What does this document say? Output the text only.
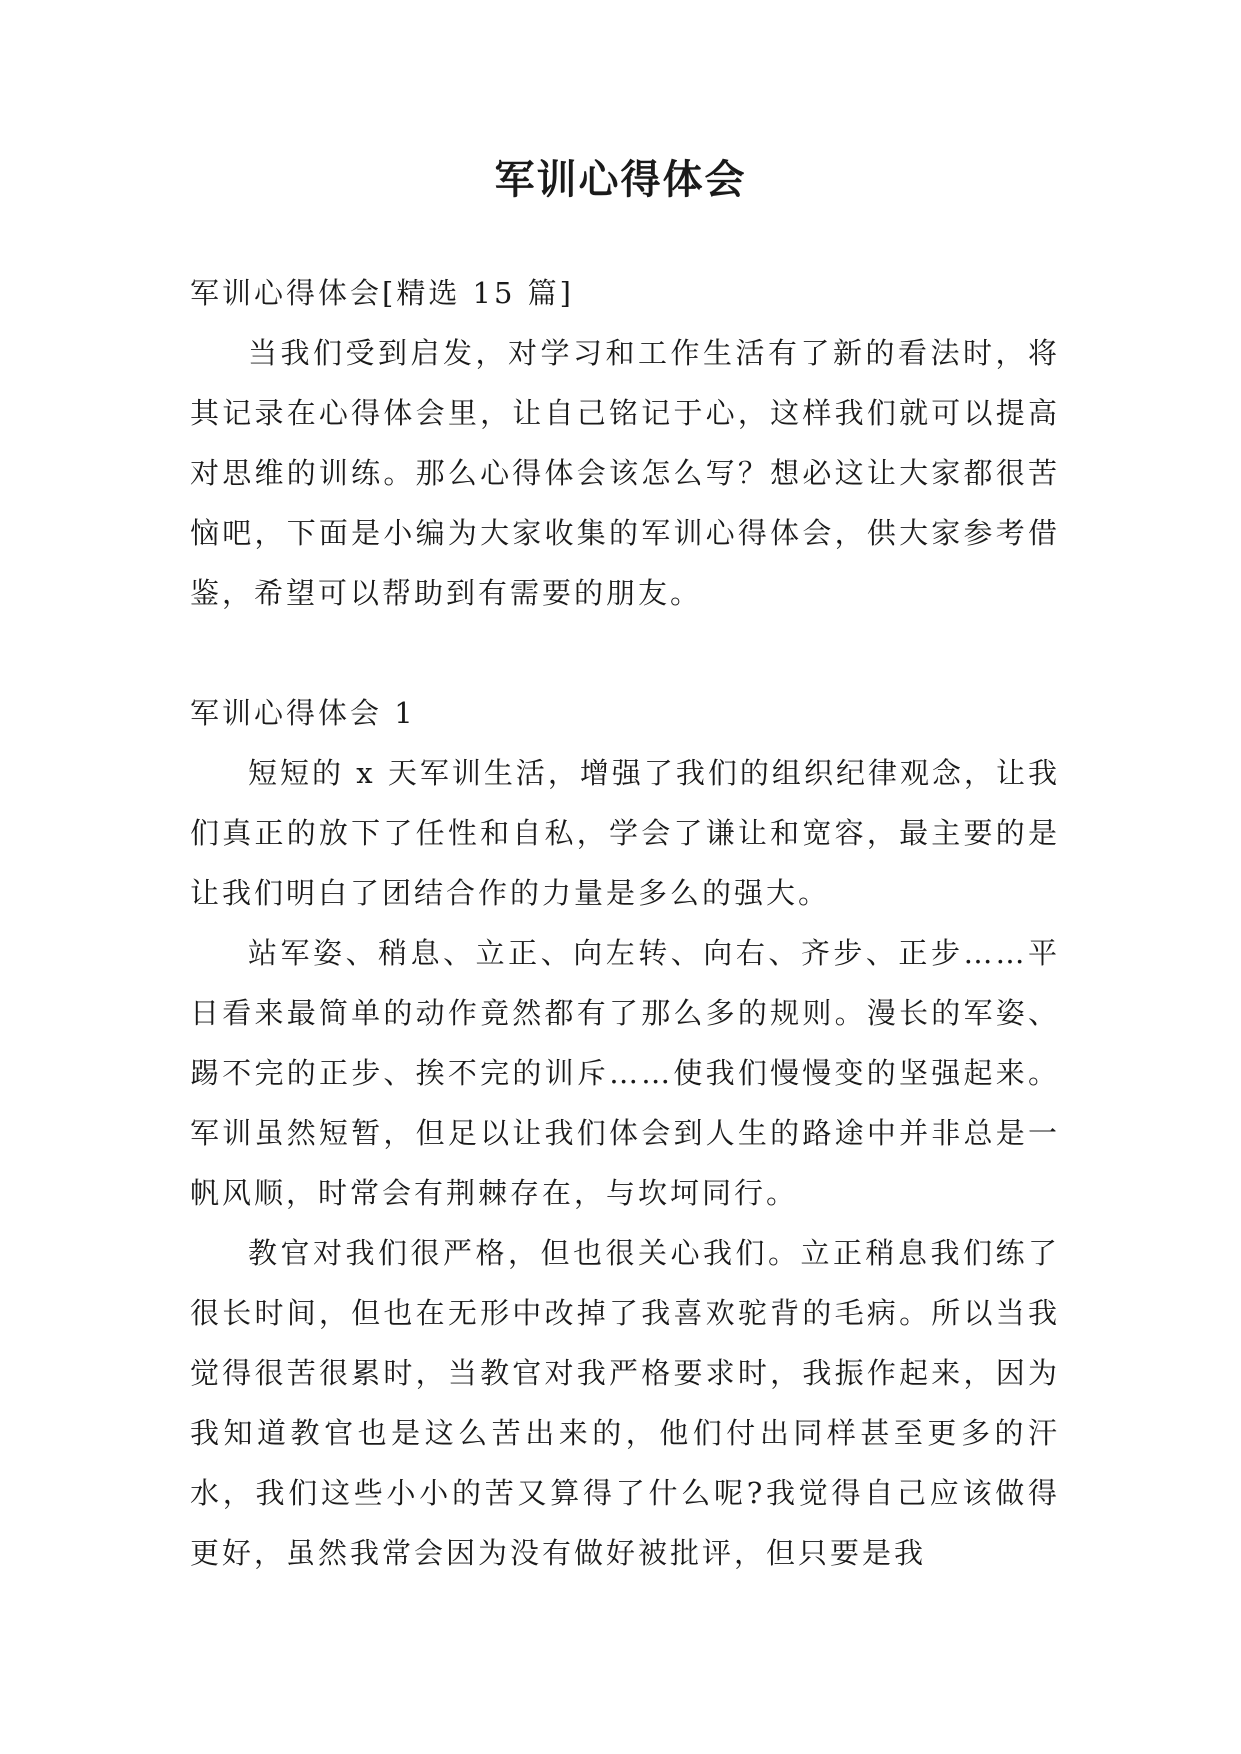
军训心得体会

军训心得体会[精选 15 篇]

当我们受到启发，对学习和工作生活有了新的看法时，将其记录在心得体会里，让自己铭记于心，这样我们就可以提高对思维的训练。那么心得体会该怎么写？想必这让大家都很苦恼吧，下面是小编为大家收集的军训心得体会，供大家参考借鉴，希望可以帮助到有需要的朋友。

军训心得体会 1

短短的 x 天军训生活，增强了我们的组织纪律观念，让我们真正的放下了任性和自私，学会了谦让和宽容，最主要的是让我们明白了团结合作的力量是多么的强大。

站军姿、稍息、立正、向左转、向右、齐步、正步……平日看来最简单的动作竟然都有了那么多的规则。漫长的军姿、踢不完的正步、挨不完的训斥……使我们慢慢变的坚强起来。军训虽然短暂，但足以让我们体会到人生的路途中并非总是一帆风顺，时常会有荆棘存在，与坎坷同行。

教官对我们很严格，但也很关心我们。立正稍息我们练了很长时间，但也在无形中改掉了我喜欢驼背的毛病。所以当我觉得很苦很累时，当教官对我严格要求时，我振作起来，因为我知道教官也是这么苦出来的，他们付出同样甚至更多的汗水，我们这些小小的苦又算得了什么呢?我觉得自己应该做得更好，虽然我常会因为没有做好被批评，但只要是我
